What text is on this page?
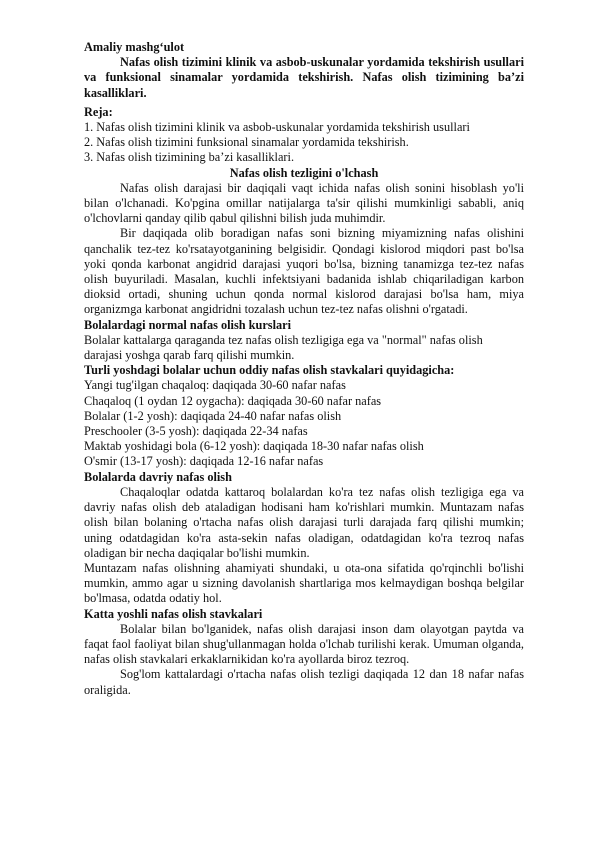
Amaliy mashg‘ulot

Nafas olish tizimini klinik va asbob-uskunalar yordamida tekshirish usullari va funksional sinamalar yordamida tekshirish. Nafas olish tizimining ba’zi kasalliklari.

Reja:

1. Nafas olish tizimini klinik va asbob-uskunalar yordamida tekshirish usullari

2. Nafas olish tizimini funksional sinamalar yordamida tekshirish.

3. Nafas olish tizimining ba’zi kasalliklari.

Nafas olish tezligini o'lchash

Nafas olish darajasi bir daqiqali vaqt ichida nafas olish sonini hisoblash yo'li bilan o'lchanadi. Ko'pgina omillar natijalarga ta'sir qilishi mumkinligi sababli, aniq o'lchovlarni qanday qilib qabul qilishni bilish juda muhimdir.

Bir daqiqada olib boradigan nafas soni bizning miyamizning nafas olishini qanchalik tez-tez ko'rsatayotganining belgisidir. Qondagi kislorod miqdori past bo'lsa yoki qonda karbonat angidrid darajasi yuqori bo'lsa, bizning tanamizga tez-tez nafas olish buyuriladi. Masalan, kuchli infektsiyani badanida ishlab chiqariladigan karbon dioksid ortadi, shuning uchun qonda normal kislorod darajasi bo'lsa ham, miya organizmga karbonat angidridni tozalash uchun tez-tez nafas olishni o'rgatadi.

Bolalardagi normal nafas olish kurslari

Bolalar kattalarga qaraganda tez nafas olish tezligiga ega va "normal" nafas olish darajasi yoshga qarab farq qilishi mumkin.

Turli yoshdagi bolalar uchun oddiy nafas olish stavkalari quyidagicha:

Yangi tug'ilgan chaqaloq: daqiqada 30-60 nafar nafas

Chaqaloq (1 oydan 12 oygacha): daqiqada 30-60 nafar nafas

Bolalar (1-2 yosh): daqiqada 24-40 nafar nafas olish

Preschooler (3-5 yosh): daqiqada 22-34 nafas

Maktab yoshidagi bola (6-12 yosh): daqiqada 18-30 nafar nafas olish

O'smir (13-17 yosh): daqiqada 12-16 nafar nafas

Bolalarda davriy nafas olish

Chaqaloqlar odatda kattaroq bolalardan ko'ra tez nafas olish tezligiga ega va davriy nafas olish deb ataladigan hodisani ham ko'rishlari mumkin. Muntazam nafas olish bilan bolaning o'rtacha nafas olish darajasi turli darajada farq qilishi mumkin; uning odatdagidan ko'ra asta-sekin nafas oladigan, odatdagidan ko'ra tezroq nafas oladigan bir necha daqiqalar bo'lishi mumkin.

Muntazam nafas olishning ahamiyati shundaki, u ota-ona sifatida qo'rqinchli bo'lishi mumkin, ammo agar u sizning davolanish shartlariga mos kelmaydigan boshqa belgilar bo'lmasa, odatda odatiy hol.

Katta yoshli nafas olish stavkalari

Bolalar bilan bo'lganidek, nafas olish darajasi inson dam olayotgan paytda va faqat faol faoliyat bilan shug'ullanmagan holda o'lchab turilishi kerak. Umuman olganda, nafas olish stavkalari erkaklarnikidan ko'ra ayollarda biroz tezroq.

Sog'lom kattalardagi o'rtacha nafas olish tezligi daqiqada 12 dan 18 nafar nafas oraligida.
